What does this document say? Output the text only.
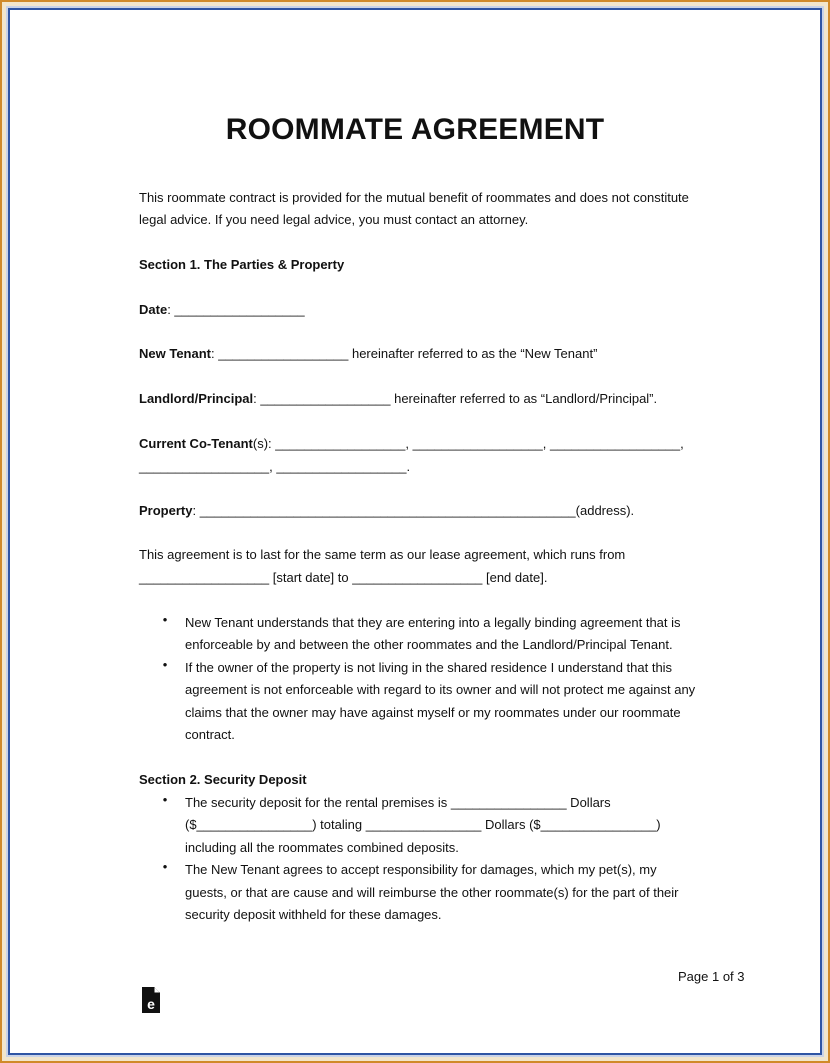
ROOMMATE AGREEMENT
This roommate contract is provided for the mutual benefit of roommates and does not constitute
legal advice. If you need legal advice, you must contact an attorney.
Section 1. The Parties & Property
Date: __________________
New Tenant: __________________ hereinafter referred to as the “New Tenant”
Landlord/Principal: __________________ hereinafter referred to as “Landlord/Principal”.
Current Co-Tenant(s): __________________, __________________, __________________,
__________________, __________________.
Property: ____________________________________________________(address).
This agreement is to last for the same term as our lease agreement, which runs from
__________________ [start date] to __________________ [end date].
• New Tenant understands that they are entering into a legally binding agreement that is
enforceable by and between the other roommates and the Landlord/Principal Tenant.
• If the owner of the property is not living in the shared residence I understand that this
agreement is not enforceable with regard to its owner and will not protect me against any
claims that the owner may have against myself or my roommates under our roommate
contract.
Section 2. Security Deposit
• The security deposit for the rental premises is ________________ Dollars
($________________) totaling ________________ Dollars ($________________)
including all the roommates combined deposits.
• The New Tenant agrees to accept responsibility for damages, which my pet(s), my
guests, or that are cause and will reimburse the other roommate(s) for the part of their
security deposit withheld for these damages.
Page 1 of 3
e
